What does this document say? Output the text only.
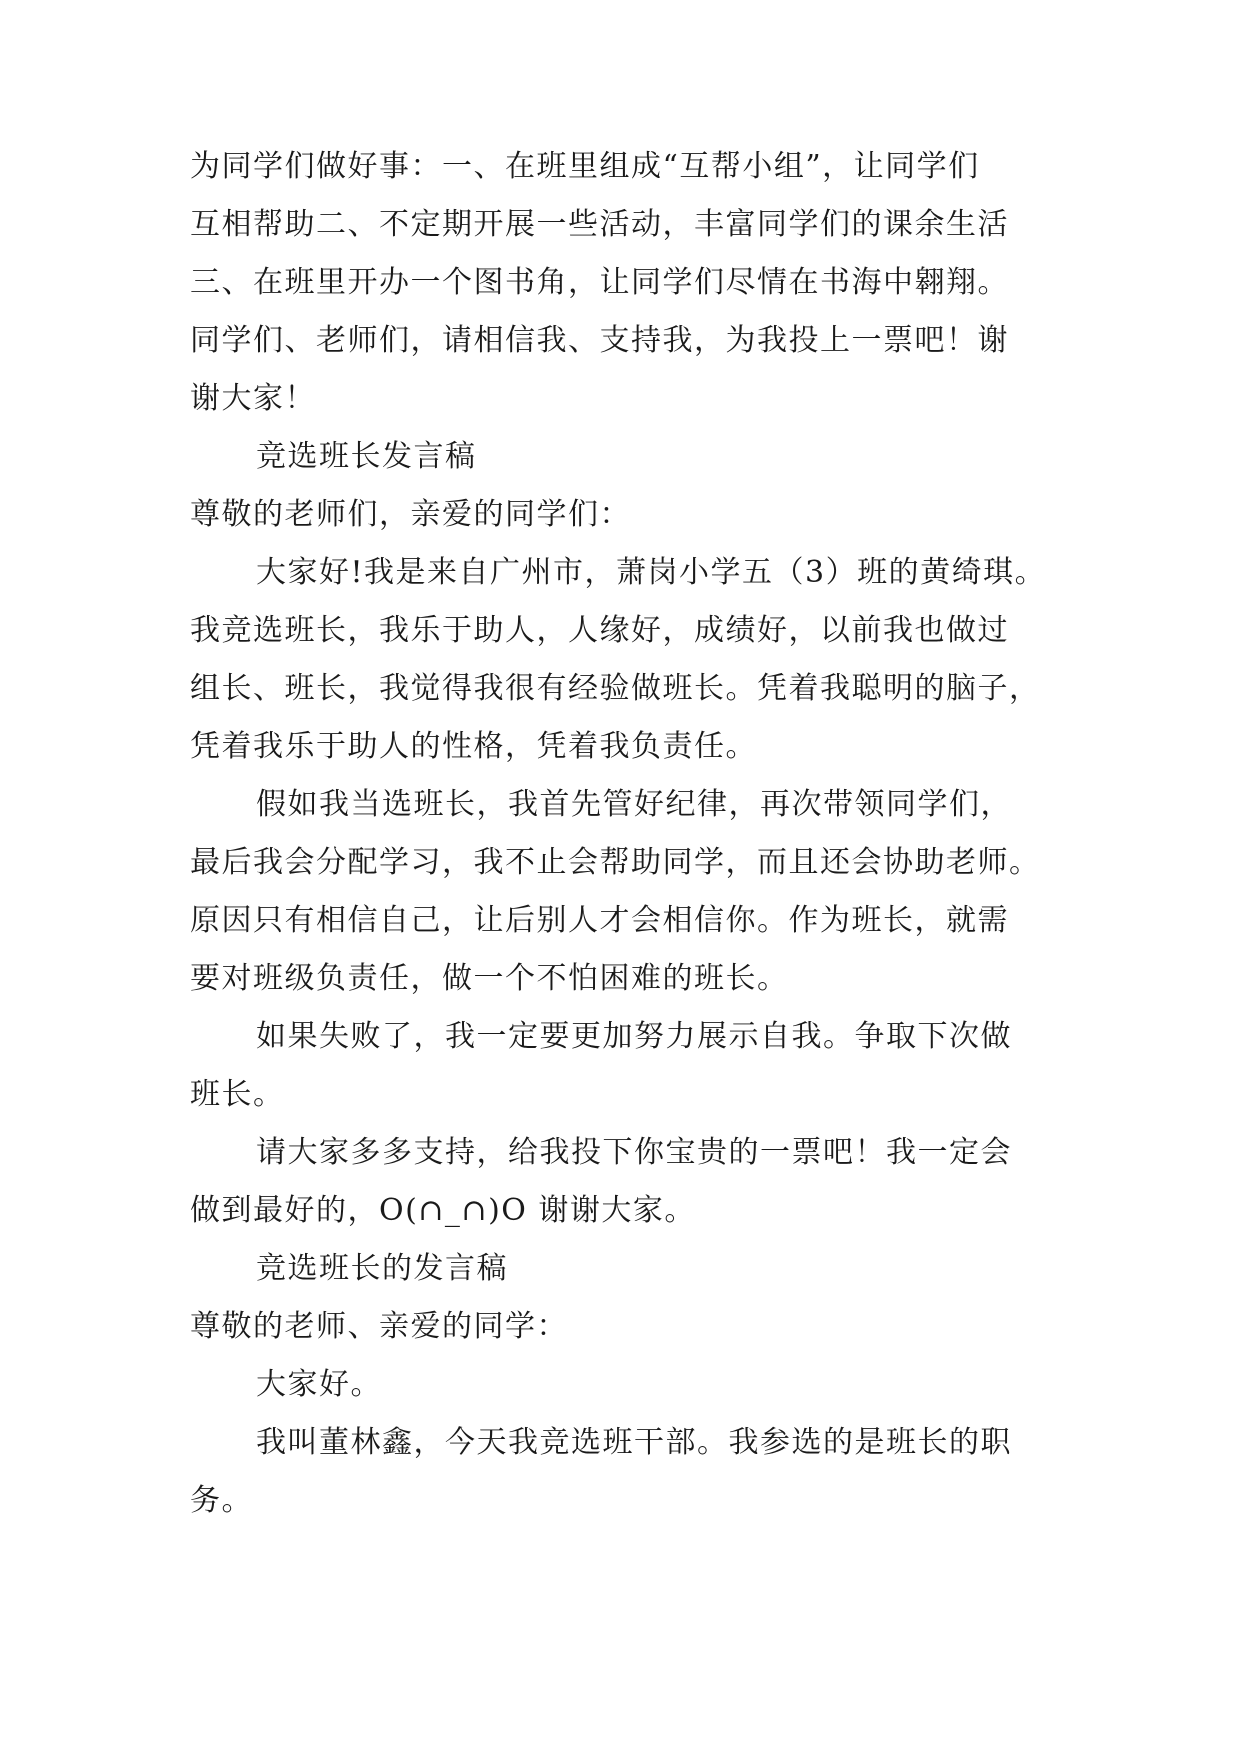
为同学们做好事：一、在班里组成“互帮小组”，让同学们
互相帮助二、不定期开展一些活动，丰富同学们的课余生活
三、在班里开办一个图书角，让同学们尽情在书海中翱翔。
同学们、老师们，请相信我、支持我，为我投上一票吧！谢
谢大家！
竞选班长发言稿
尊敬的老师们，亲爱的同学们：
大家好!我是来自广州市，萧岗小学五（3）班的黄绮琪。
我竞选班长，我乐于助人，人缘好，成绩好，以前我也做过
组长、班长，我觉得我很有经验做班长。凭着我聪明的脑子，
凭着我乐于助人的性格，凭着我负责任。
假如我当选班长，我首先管好纪律，再次带领同学们，
最后我会分配学习，我不止会帮助同学，而且还会协助老师。
原因只有相信自己，让后别人才会相信你。作为班长，就需
要对班级负责任，做一个不怕困难的班长。
如果失败了，我一定要更加努力展示自我。争取下次做
班长。
请大家多多支持，给我投下你宝贵的一票吧！我一定会
做到最好的，O(∩_∩)O 谢谢大家。
竞选班长的发言稿
尊敬的老师、亲爱的同学：
大家好。
我叫董林鑫，今天我竞选班干部。我参选的是班长的职
务。
